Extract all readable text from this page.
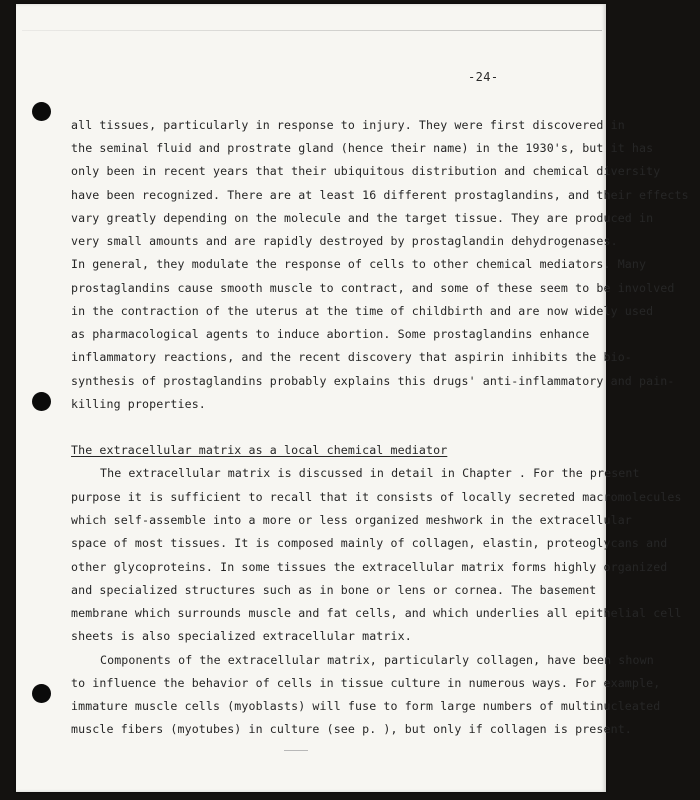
-24-
all tissues, particularly in response to injury. They were first discovered in
the seminal fluid and prostrate gland (hence their name) in the 1930's, but it has
only been in recent years that their ubiquitous distribution and chemical diversity
have been recognized. There are at least 16 different prostaglandins, and their effects
vary greatly depending on the molecule and the target tissue. They are produced in
very small amounts and are rapidly destroyed by prostaglandin dehydrogenases.
In general, they modulate the response of cells to other chemical mediators. Many
prostaglandins cause smooth muscle to contract, and some of these seem to be involved
in the contraction of the uterus at the time of childbirth and are now widely used
as pharmacological agents to induce abortion. Some prostaglandins enhance
inflammatory reactions, and the recent discovery that aspirin inhibits the bio-
synthesis of prostaglandins probably explains this drugs' anti-inflammatory and pain-
killing properties.
The extracellular matrix as a local chemical mediator
The extracellular matrix is discussed in detail in Chapter . For the present
purpose it is sufficient to recall that it consists of locally secreted macromolecules
which self-assemble into a more or less organized meshwork in the extracellular
space of most tissues. It is composed mainly of collagen, elastin, proteoglycans and
other glycoproteins. In some tissues the extracellular matrix forms highly organized
and specialized structures such as in bone or lens or cornea. The basement
membrane which surrounds muscle and fat cells, and which underlies all epithelial cell
sheets is also specialized extracellular matrix.
Components of the extracellular matrix, particularly collagen, have been shown
to influence the behavior of cells in tissue culture in numerous ways. For example,
immature muscle cells (myoblasts) will fuse to form large numbers of multinucleated
muscle fibers (myotubes) in culture (see p. ), but only if collagen is present.
